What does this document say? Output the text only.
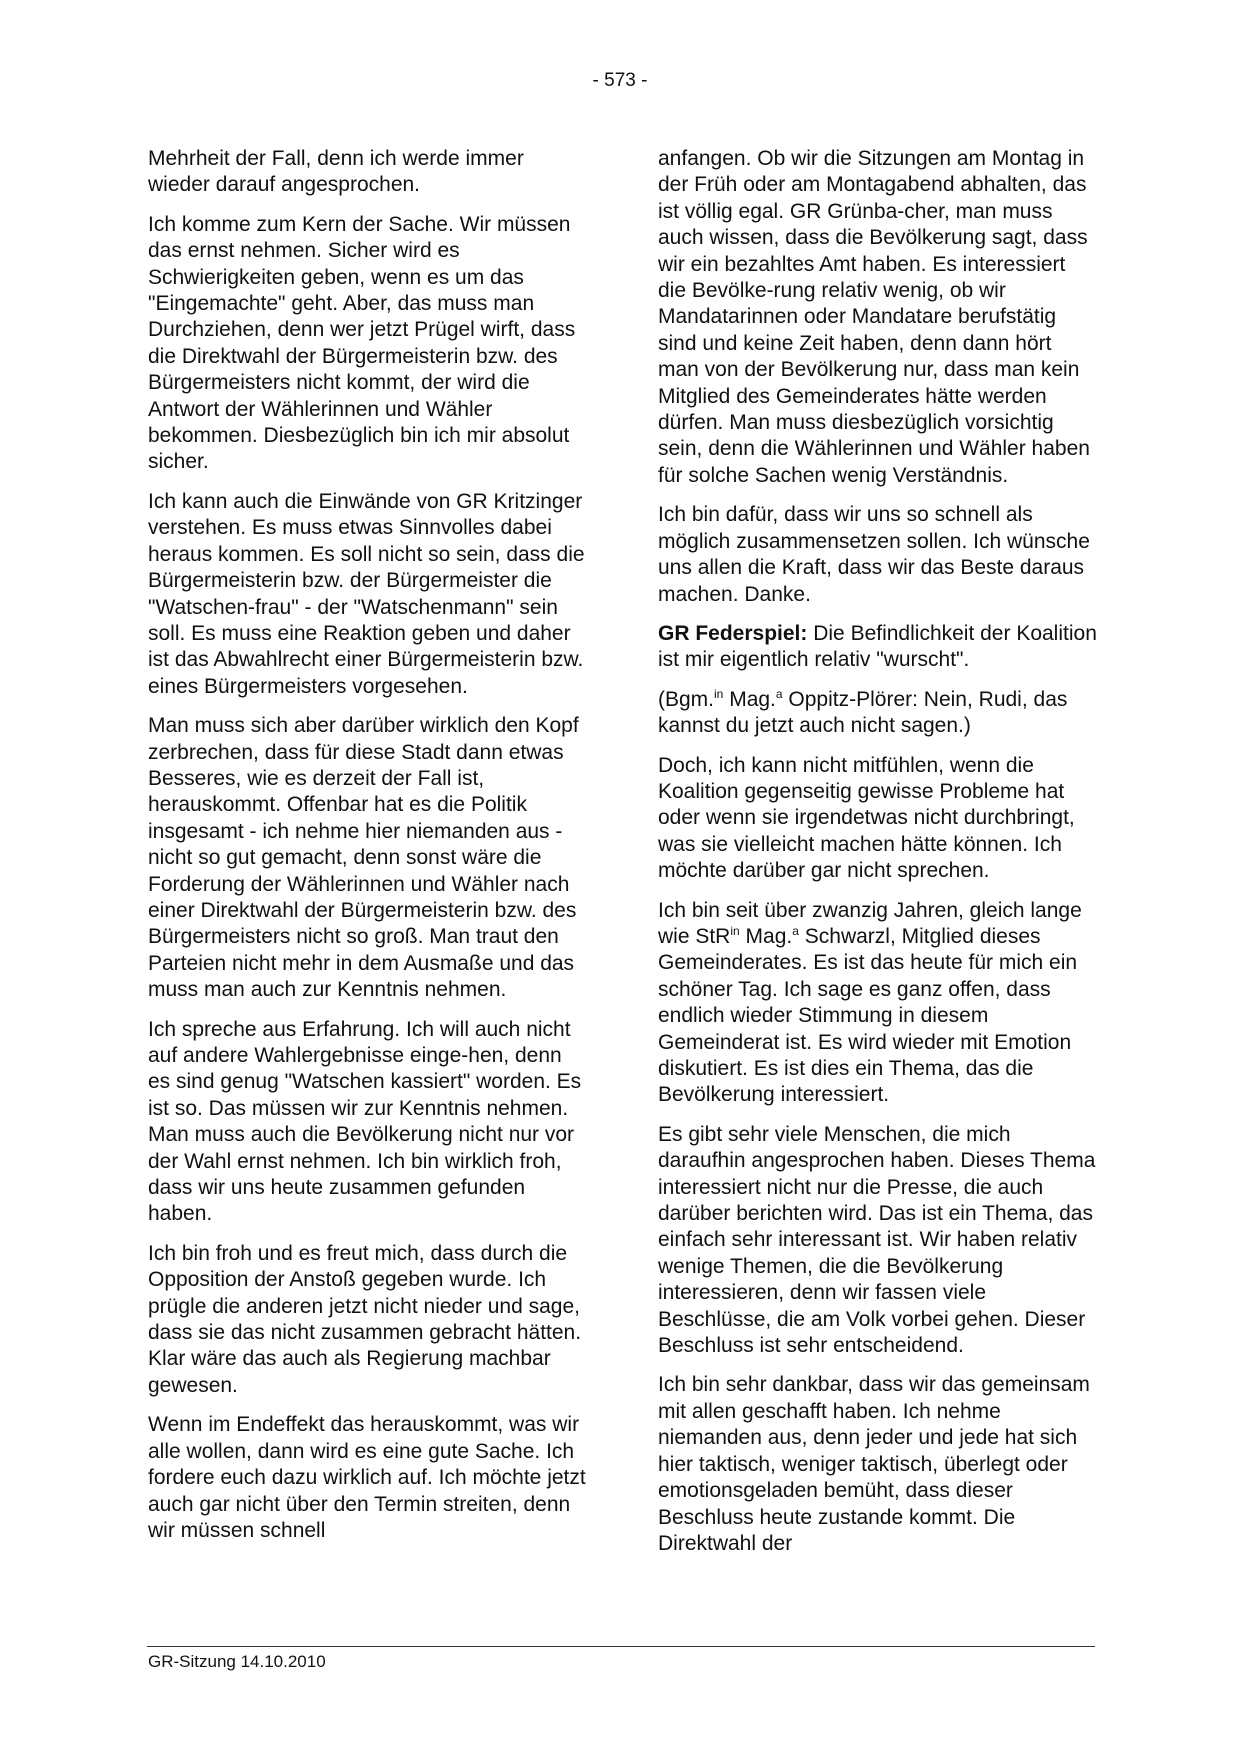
- 573 -

Mehrheit der Fall, denn ich werde immer wieder darauf angesprochen.

Ich komme zum Kern der Sache. Wir müssen das ernst nehmen. Sicher wird es Schwierigkeiten geben, wenn es um das "Eingemachte" geht. Aber, das muss man Durchziehen, denn wer jetzt Prügel wirft, dass die Direktwahl der Bürgermeisterin bzw. des Bürgermeisters nicht kommt, der wird die Antwort der Wählerinnen und Wähler bekommen. Diesbezüglich bin ich mir absolut sicher.

Ich kann auch die Einwände von GR Kritzinger verstehen. Es muss etwas Sinnvolles dabei heraus kommen. Es soll nicht so sein, dass die Bürgermeisterin bzw. der Bürgermeister die "Watschen-frau" - der "Watschenmann" sein soll. Es muss eine Reaktion geben und daher ist das Abwahlrecht einer Bürgermeisterin bzw. eines Bürgermeisters vorgesehen.

Man muss sich aber darüber wirklich den Kopf zerbrechen, dass für diese Stadt dann etwas Besseres, wie es derzeit der Fall ist, herauskommt. Offenbar hat es die Politik insgesamt - ich nehme hier niemanden aus - nicht so gut gemacht, denn sonst wäre die Forderung der Wählerinnen und Wähler nach einer Direktwahl der Bürgermeisterin bzw. des Bürgermeisters nicht so groß. Man traut den Parteien nicht mehr in dem Ausmaße und das muss man auch zur Kenntnis nehmen.

Ich spreche aus Erfahrung. Ich will auch nicht auf andere Wahlergebnisse einge-hen, denn es sind genug "Watschen kassiert" worden. Es ist so. Das müssen wir zur Kenntnis nehmen. Man muss auch die Bevölkerung nicht nur vor der Wahl ernst nehmen. Ich bin wirklich froh, dass wir uns heute zusammen gefunden haben.

Ich bin froh und es freut mich, dass durch die Opposition der Anstoß gegeben wurde. Ich prügle die anderen jetzt nicht nieder und sage, dass sie das nicht zusammen gebracht hätten. Klar wäre das auch als Regierung machbar gewesen.

Wenn im Endeffekt das herauskommt, was wir alle wollen, dann wird es eine gute Sache. Ich fordere euch dazu wirklich auf. Ich möchte jetzt auch gar nicht über den Termin streiten, denn wir müssen schnell

anfangen. Ob wir die Sitzungen am Montag in der Früh oder am Montagabend abhalten, das ist völlig egal. GR Grünba-cher, man muss auch wissen, dass die Bevölkerung sagt, dass wir ein bezahltes Amt haben. Es interessiert die Bevölke-rung relativ wenig, ob wir Mandatarinnen oder Mandatare berufstätig sind und keine Zeit haben, denn dann hört man von der Bevölkerung nur, dass man kein Mitglied des Gemeinderates hätte werden dürfen. Man muss diesbezüglich vorsichtig sein, denn die Wählerinnen und Wähler haben für solche Sachen wenig Verständnis.

Ich bin dafür, dass wir uns so schnell als möglich zusammensetzen sollen. Ich wünsche uns allen die Kraft, dass wir das Beste daraus machen. Danke.

GR Federspiel: Die Befindlichkeit der Koalition ist mir eigentlich relativ "wurscht".

(Bgm.$^{in}$ Mag.$^a$ Oppitz-Plörer: Nein, Rudi, das kannst du jetzt auch nicht sagen.)

Doch, ich kann nicht mitfühlen, wenn die Koalition gegenseitig gewisse Probleme hat oder wenn sie irgendetwas nicht durchbringt, was sie vielleicht machen hätte können. Ich möchte darüber gar nicht sprechen.

Ich bin seit über zwanzig Jahren, gleich lange wie StR$^{in}$ Mag.$^a$ Schwarzl, Mitglied dieses Gemeinderates. Es ist das heute für mich ein schöner Tag. Ich sage es ganz offen, dass endlich wieder Stimmung in diesem Gemeinderat ist. Es wird wieder mit Emotion diskutiert. Es ist dies ein Thema, das die Bevölkerung interessiert.

Es gibt sehr viele Menschen, die mich daraufhin angesprochen haben. Dieses Thema interessiert nicht nur die Presse, die auch darüber berichten wird. Das ist ein Thema, das einfach sehr interessant ist. Wir haben relativ wenige Themen, die die Bevölkerung interessieren, denn wir fassen viele Beschlüsse, die am Volk vorbei gehen. Dieser Beschluss ist sehr entscheidend.

Ich bin sehr dankbar, dass wir das gemeinsam mit allen geschafft haben. Ich nehme niemanden aus, denn jeder und jede hat sich hier taktisch, weniger taktisch, überlegt oder emotionsgeladen bemüht, dass dieser Beschluss heute zustande kommt. Die Direktwahl der

GR-Sitzung 14.10.2010
